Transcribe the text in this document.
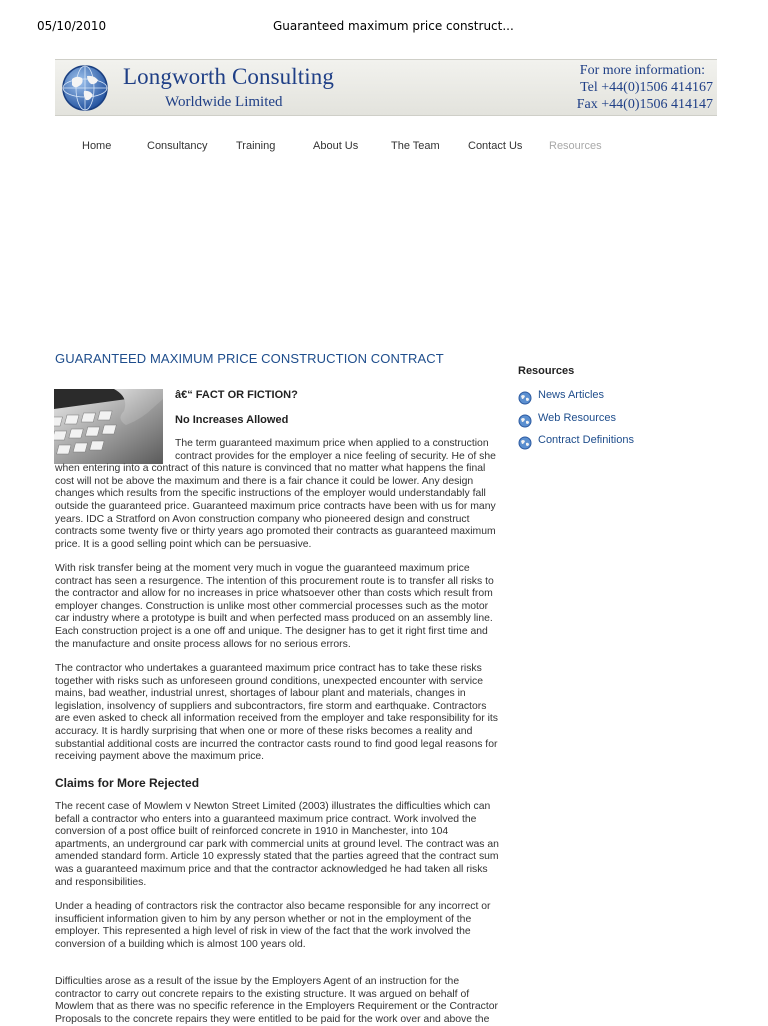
05/10/2010	Guaranteed maximum price construct...
Longworth Consulting
Worldwide Limited
For more information:
Tel +44(0)1506 414167
Fax +44(0)1506 414147
Home	Consultancy	Training	About Us	The Team	Contact Us Resources
GUARANTEED MAXIMUM PRICE CONSTRUCTION CONTRACT
â€“ FACT OR FICTION?
No Increases Allowed
The term guaranteed maximum price when applied to a construction
contract provides for the employer a nice feeling of security. He of she
when entering into a contract of this nature is convinced that no matter what happens the final
cost will not be above the maximum and there is a fair chance it could be lower. Any design
changes which results from the specific instructions of the employer would understandably fall
outside the guaranteed price. Guaranteed maximum price contracts have been with us for many
years. IDC a Stratford on Avon construction company who pioneered design and construct
contracts some twenty five or thirty years ago promoted their contracts as guaranteed maximum
price. It is a good selling point which can be persuasive.
With risk transfer being at the moment very much in vogue the guaranteed maximum price
contract has seen a resurgence. The intention of this procurement route is to transfer all risks to
the contractor and allow for no increases in price whatsoever other than costs which result from
employer changes. Construction is unlike most other commercial processes such as the motor
car industry where a prototype is built and when perfected mass produced on an assembly line.
Each construction project is a one off and unique. The designer has to get it right first time and
the manufacture and onsite process allows for no serious errors.
The contractor who undertakes a guaranteed maximum price contract has to take these risks
together with risks such as unforeseen ground conditions, unexpected encounter with service
mains, bad weather, industrial unrest, shortages of labour plant and materials, changes in
legislation, insolvency of suppliers and subcontractors, fire storm and earthquake. Contractors
are even asked to check all information received from the employer and take responsibility for its
accuracy. It is hardly surprising that when one or more of these risks becomes a reality and
substantial additional costs are incurred the contractor casts round to find good legal reasons for
receiving payment above the maximum price.
Claims for More Rejected
The recent case of Mowlem v Newton Street Limited (2003) illustrates the difficulties which can
befall a contractor who enters into a guaranteed maximum price contract. Work involved the
conversion of a post office built of reinforced concrete in 1910 in Manchester, into 104
apartments, an underground car park with commercial units at ground level. The contract was an
amended standard form. Article 10 expressly stated that the parties agreed that the contract sum
was a guaranteed maximum price and that the contractor acknowledged he had taken all risks
and responsibilities.
Under a heading of contractors risk the contractor also became responsible for any incorrect or
insufficient information given to him by any person whether or not in the employment of the
employer. This represented a high level of risk in view of the fact that the work involved the
conversion of a building which is almost 100 years old.
Difficulties arose as a result of the issue by the Employers Agent of an instruction for the
contractor to carry out concrete repairs to the existing structure. It was argued on behalf of
Mowlem that as there was no specific reference in the Employers Requirement or the Contractor
Proposals to the concrete repairs they were entitled to be paid for the work over and above the
Resources
News Articles
Web Resources
Contract Definitions
